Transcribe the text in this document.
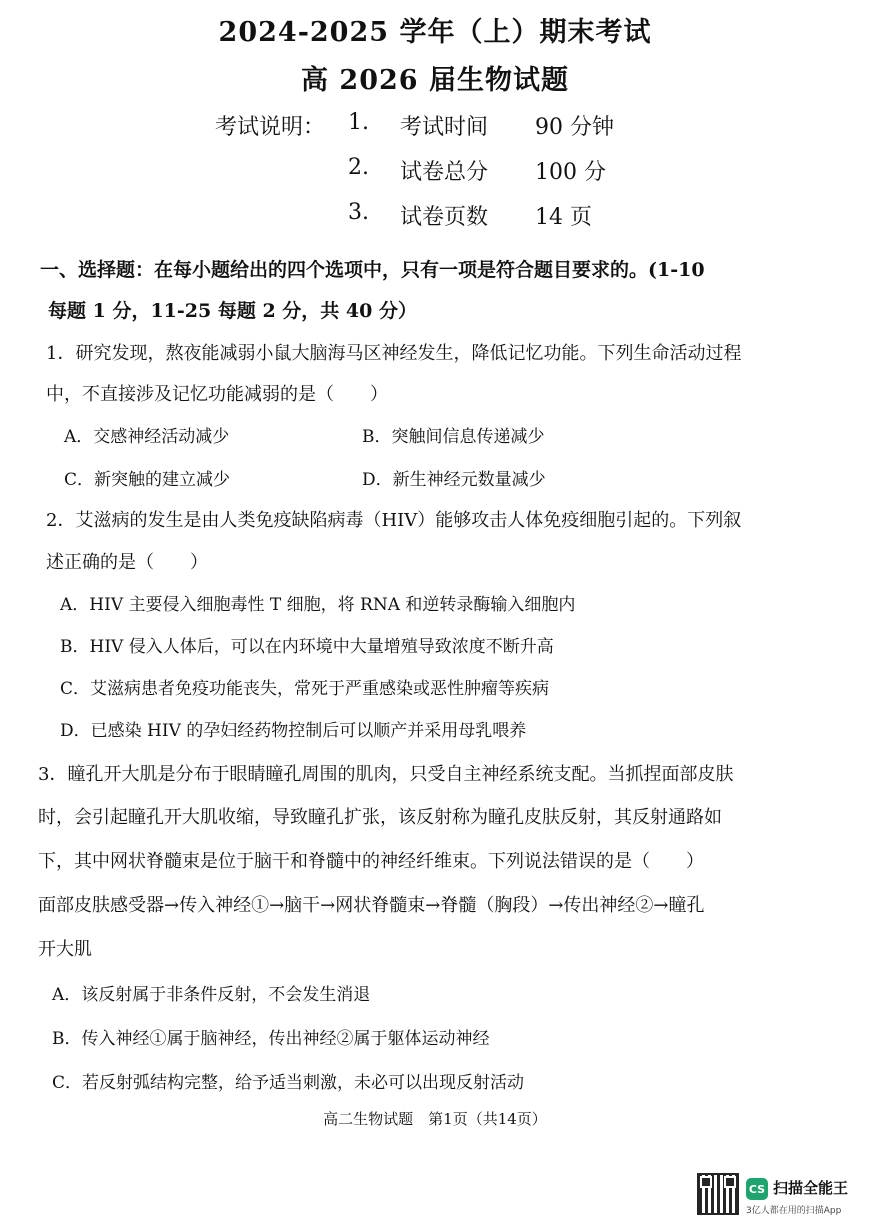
2024-2025 学年（上）期末考试
高 2026 届生物试题
考试说明： 1. 考试时间 90 分钟
2. 试卷总分 100 分
3. 试卷页数 14 页
一、选择题：在每小题给出的四个选项中，只有一项是符合题目要求的。(1-10
每题 1 分，11-25 每题 2 分，共 40 分）
1．研究发现，熬夜能减弱小鼠大脑海马区神经发生，降低记忆功能。下列生命活动过程
中，不直接涉及记忆功能减弱的是（　　）
A．交感神经活动减少	B．突触间信息传递减少
C．新突触的建立减少	D．新生神经元数量减少
2．艾滋病的发生是由人类免疫缺陷病毒（HIV）能够攻击人体免疫细胞引起的。下列叙
述正确的是（　　）
A．HIV 主要侵入细胞毒性 T 细胞，将 RNA 和逆转录酶输入细胞内
B．HIV 侵入人体后，可以在内环境中大量增殖导致浓度不断升高
C．艾滋病患者免疫功能丧失，常死于严重感染或恶性肿瘤等疾病
D．已感染 HIV 的孕妇经药物控制后可以顺产并采用母乳喂养
3．瞳孔开大肌是分布于眼睛瞳孔周围的肌肉，只受自主神经系统支配。当抓捏面部皮肤
时，会引起瞳孔开大肌收缩，导致瞳孔扩张，该反射称为瞳孔皮肤反射，其反射通路如
下，其中网状脊髓束是位于脑干和脊髓中的神经纤维束。下列说法错误的是（　　）
面部皮肤感受器→传入神经①→脑干→网状脊髓束→脊髓（胸段）→传出神经②→瞳孔
开大肌
A．该反射属于非条件反射，不会发生消退
B．传入神经①属于脑神经，传出神经②属于躯体运动神经
C．若反射弧结构完整，给予适当刺激，未必可以出现反射活动
高二生物试题　第1页（共14页）
CS 扫描全能王
3亿人都在用的扫描App
